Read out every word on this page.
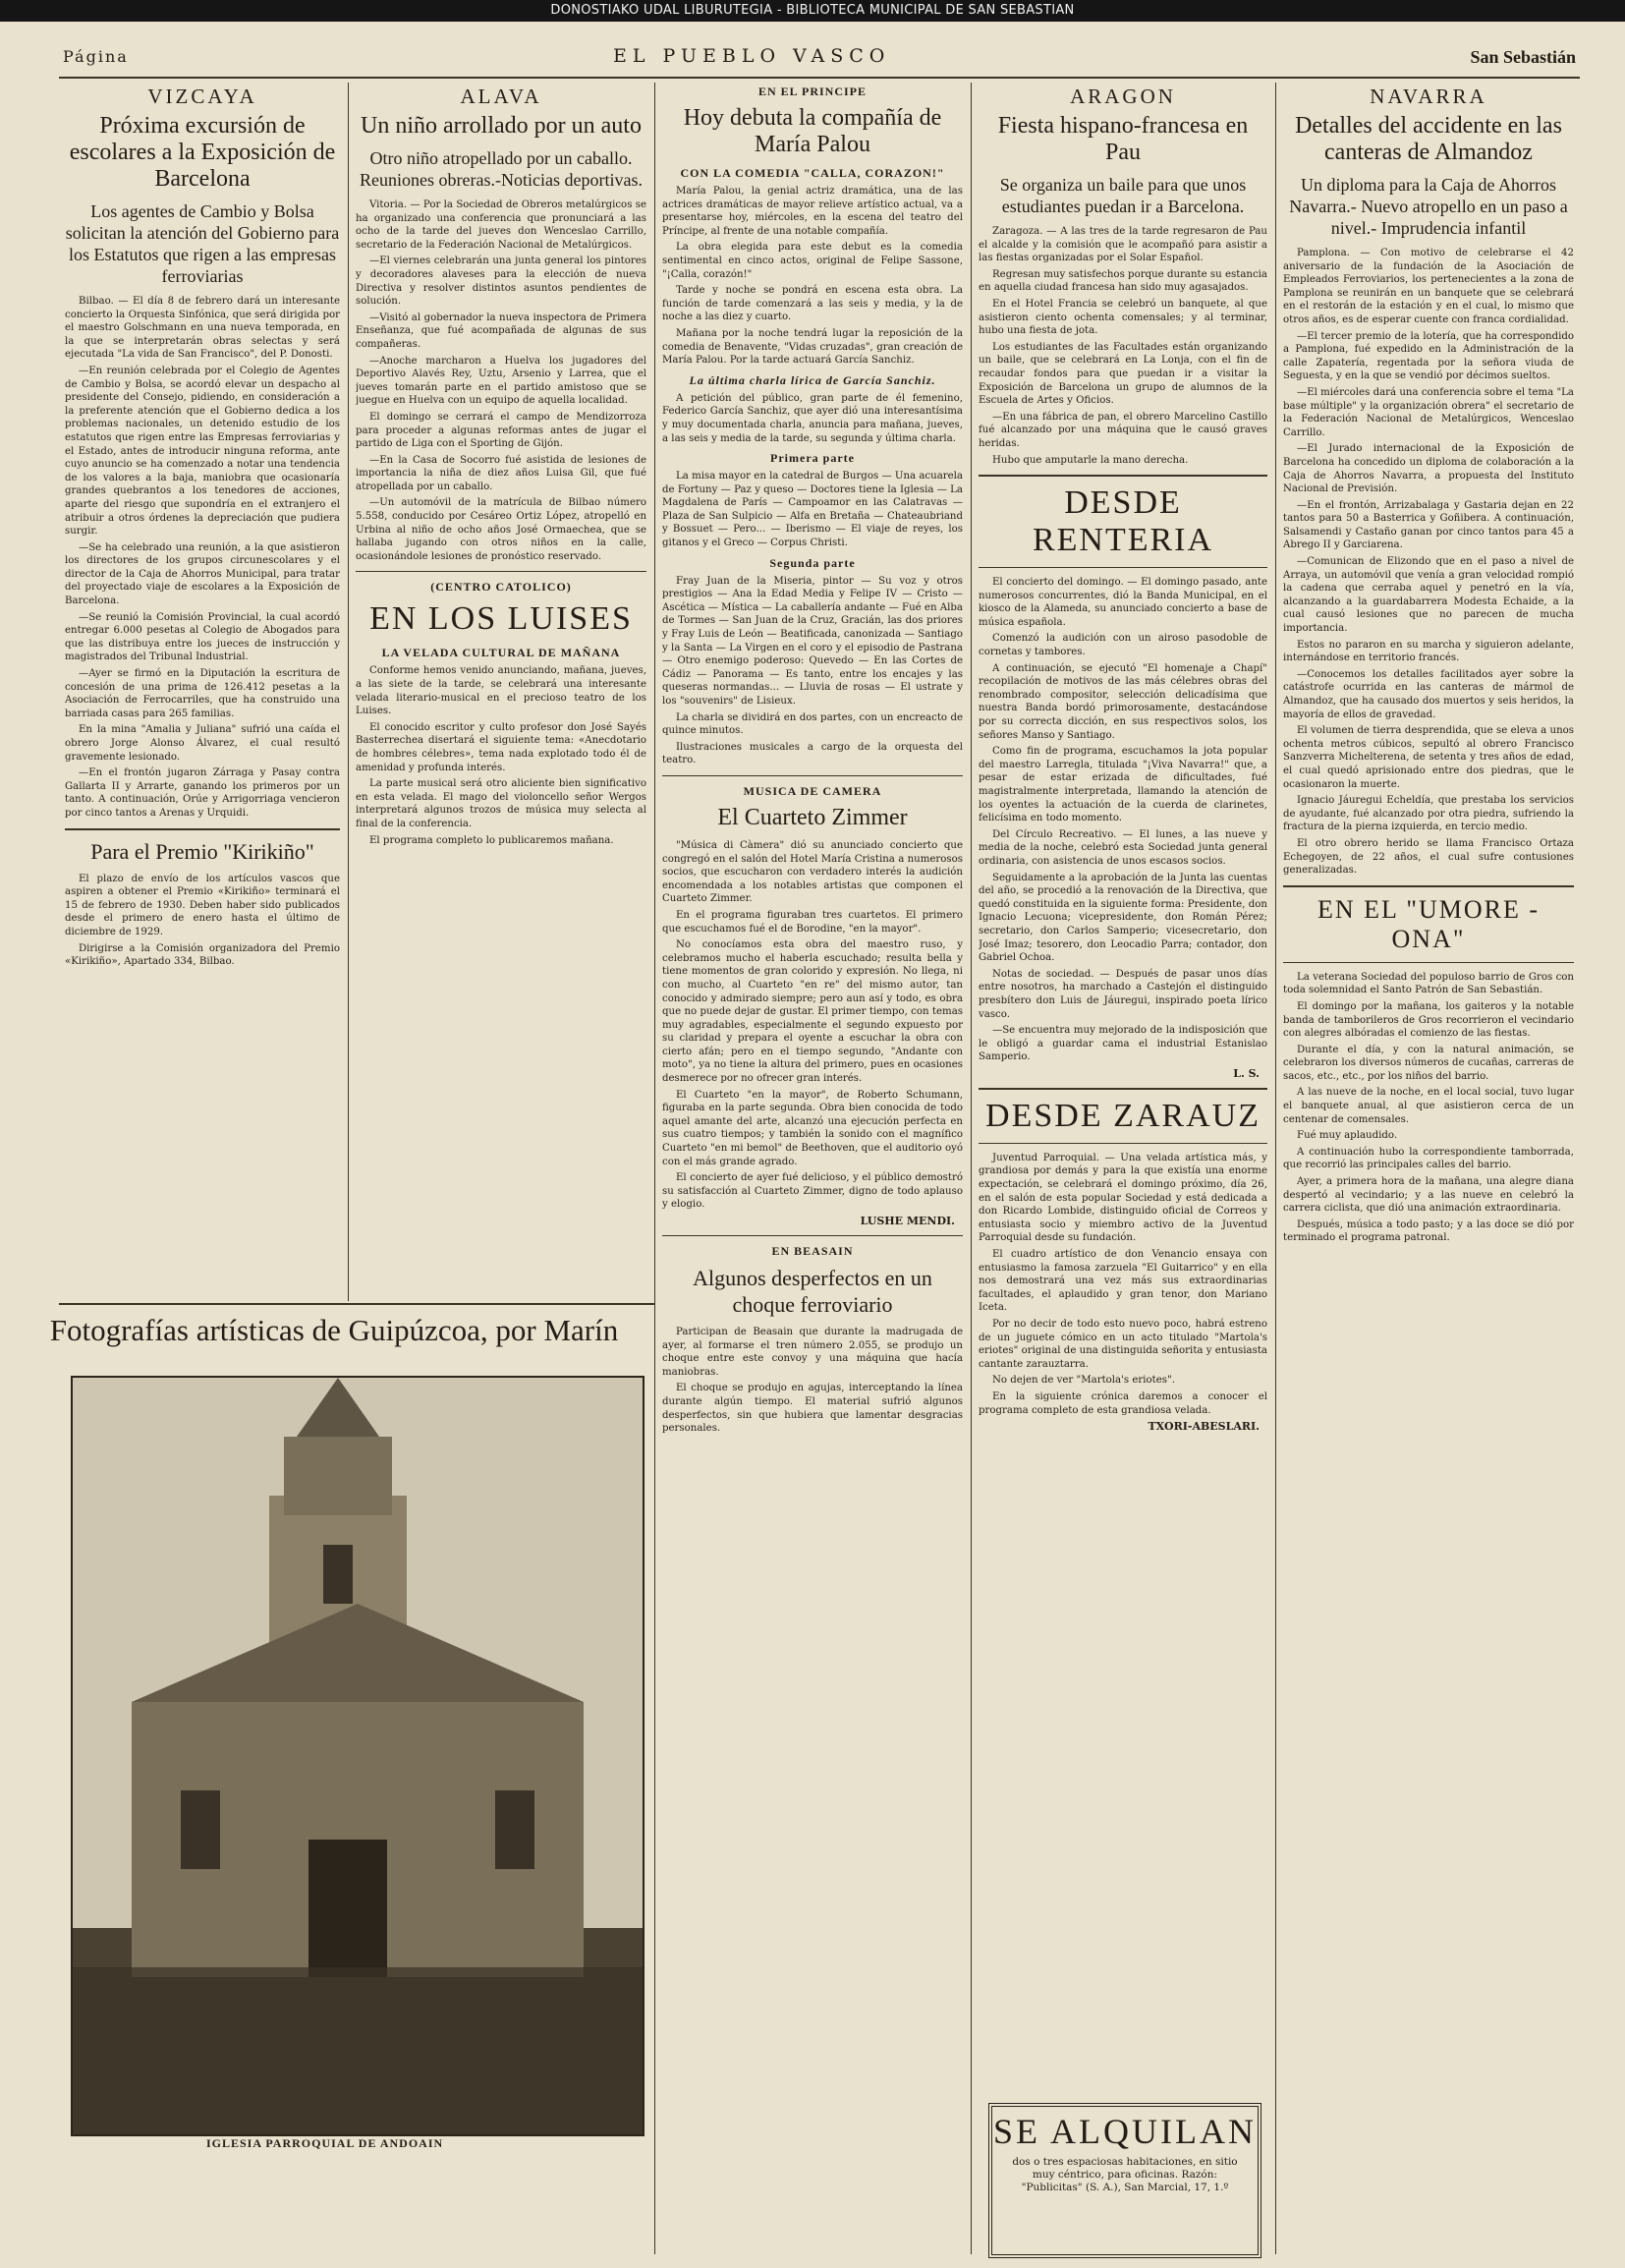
DONOSTIAKO UDAL LIBURUTEGIA - BIBLIOTECA MUNICIPAL DE SAN SEBASTIAN
Página	EL PUEBLO VASCO	San Sebastián
VIZCAYA
Próxima excursión de escolares a la Exposición de Barcelona
Los agentes de Cambio y Bolsa solicitan la atención del Gobierno para los Estatutos que rigen a las empresas ferroviarias

Bilbao. — El día 8 de febrero dará un interesante concierto la Orquesta Sinfónica, que será dirigida por el maestro Golschmann en una nueva temporada, en la que se interpretarán obras selectas y será ejecutada "La vida de San Francisco", del P. Donosti.

—En reunión celebrada por el Colegio de Agentes de Cambio y Bolsa, se acordó elevar un despacho al presidente del Consejo, pidiendo, en consideración a la preferente atención que el Gobierno dedica a los problemas nacionales, un detenido estudio de los estatutos que rigen entre las Empresas ferroviarias y el Estado, antes de introducir ninguna reforma, ante cuyo anuncio se ha comenzado a notar una tendencia de los valores a la baja, maniobra que ocasionaría grandes quebrantos a los tenedores de acciones, aparte del riesgo que supondría en el extranjero el atribuir a otros órdenes la depreciación que pudiera surgir.

—Se ha celebrado una reunión, a la que asistieron los directores de los grupos circunescolares y el director de la Caja de Ahorros Municipal, para tratar del proyectado viaje de escolares a la Exposición de Barcelona.

—Se reunió la Comisión Provincial, la cual acordó entregar 6.000 pesetas al Colegio de Abogados para que las distribuya entre los jueces de instrucción y magistrados del Tribunal Industrial.

—Ayer se firmó en la Diputación la escritura de concesión de una prima de 126.412 pesetas a la Asociación de Ferrocarriles, que ha construido una barriada casas para 265 familias.

En la mina "Amalia y Juliana" sufrió una caída el obrero Jorge Alonso Álvarez, el cual resultó gravemente lesionado.

—En el frontón jugaron Zárraga y Pasay contra Gallarta II y Arrarte, ganando los primeros por un tanto. A continuación, Orúe y Arrigorriaga vencieron por cinco tantos a Arenas y Urquidi.

Para el Premio "Kirikiño"

El plazo de envío de los artículos vascos que aspiren a obtener el Premio «Kirikiño» terminará el 15 de febrero de 1930. Deben haber sido publicados desde el primero de enero hasta el último de diciembre de 1929.

Dirigirse a la Comisión organizadora del Premio «Kirikiño», Apartado 334, Bilbao.

ALAVA
Un niño arrollado por un auto
Otro niño atropellado por un caballo. Reuniones obreras.-Noticias deportivas.

Vitoria. — Por la Sociedad de Obreros metalúrgicos se ha organizado una conferencia que pronunciará a las ocho de la tarde del jueves don Wenceslao Carrillo, secretario de la Federación Nacional de Metalúrgicos.

—El viernes celebrarán una junta general los pintores y decoradores alaveses para la elección de nueva Directiva y resolver distintos asuntos pendientes de solución.

—Visitó al gobernador la nueva inspectora de Primera Enseñanza, que fué acompañada de algunas de sus compañeras.

—Anoche marcharon a Huelva los jugadores del Deportivo Alavés Rey, Uztu, Arsenio y Larrea, que el jueves tomarán parte en el partido amistoso que se juegue en Huelva con un equipo de aquella localidad.

El domingo se cerrará el campo de Mendizorroza para proceder a algunas reformas antes de jugar el partido de Liga con el Sporting de Gijón.

—En la Casa de Socorro fué asistida de lesiones de importancia la niña de diez años Luisa Gil, que fué atropellada por un caballo.

—Un automóvil de la matrícula de Bilbao número 5.558, conducido por Cesáreo Ortiz López, atropelló en Urbina al niño de ocho años José Ormaechea, que se hallaba jugando con otros niños en la calle, ocasionándole lesiones de pronóstico reservado.

(CENTRO CATOLICO)
EN LOS LUISES
LA VELADA CULTURAL DE MAÑANA

Conforme hemos venido anunciando, mañana, jueves, a las siete de la tarde, se celebrará una interesante velada literario-musical en el precioso teatro de los Luises.

El conocido escritor y culto profesor don José Sayés Basterrechea disertará el siguiente tema: «Anecdotario de hombres célebres», tema nada explotado todo él de amenidad y profunda interés.

La parte musical será otro aliciente bien significativo en esta velada. El mago del violoncello señor Wergos interpretará algunos trozos de música muy selecta al final de la conferencia.

El programa completo lo publicaremos mañana.

Fotografías artísticas de Guipúzcoa, por Marín
IGLESIA PARROQUIAL DE ANDOAIN
EN EL PRINCIPE
Hoy debuta la compañía de María Palou
CON LA COMEDIA "CALLA, CORAZON!"

María Palou, la genial actriz dramática, una de las actrices dramáticas de mayor relieve artístico actual, va a presentarse hoy, miércoles, en la escena del teatro del Príncipe, al frente de una notable compañía.

La obra elegida para este debut es la comedia sentimental en cinco actos, original de Felipe Sassone, "¡Calla, corazón!"

Tarde y noche se pondrá en escena esta obra. La función de tarde comenzará a las seis y media, y la de noche a las diez y cuarto.

Mañana por la noche tendrá lugar la reposición de la comedia de Benavente, "Vidas cruzadas", gran creación de María Palou. Por la tarde actuará García Sanchiz.

La última charla lírica de García Sanchiz.

A petición del público, gran parte de él femenino, Federico García Sanchiz, que ayer dió una interesantísima y muy documentada charla, anuncia para mañana, jueves, a las seis y media de la tarde, su segunda y última charla.

Primera parte

La misa mayor en la catedral de Burgos — Una acuarela de Fortuny — Paz y queso — Doctores tiene la Iglesia — La Magdalena de París — Campoamor en las Calatravas — Plaza de San Sulpicio — Alfa en Bretaña — Chateaubriand y Bossuet — Pero... — Iberismo — El viaje de reyes, los gitanos y el Greco — Corpus Christi.

Segunda parte

Fray Juan de la Miseria, pintor — Su voz y otros prestigios — Ana la Edad Media y Felipe IV — Cristo — Ascética — Mística — La caballería andante — Fué en Alba de Tormes — San Juan de la Cruz, Gracián, las dos priores y Fray Luis de León — Beatificada, canonizada — Santiago y la Santa — La Virgen en el coro y el episodio de Pastrana — Otro enemigo poderoso: Quevedo — En las Cortes de Cádiz — Panorama — Es tanto, entre los encajes y las queseras normandas... — Lluvia de rosas — El ustrate y los "souvenirs" de Lisieux.

La charla se dividirá en dos partes, con un encreacto de quince minutos.

Ilustraciones musicales a cargo de la orquesta del teatro.

MUSICA DE CAMERA
El Cuarteto Zimmer

"Música di Càmera" dió su anunciado concierto que congregó en el salón del Hotel María Cristina a numerosos socios, que escucharon con verdadero interés la audición encomendada a los notables artistas que componen el Cuarteto Zimmer.

En el programa figuraban tres cuartetos. El primero que escuchamos fué el de Borodine, "en la mayor".

No conocíamos esta obra del maestro ruso, y celebramos mucho el haberla escuchado; resulta bella y tiene momentos de gran colorido y expresión. No llega, ni con mucho, al Cuarteto "en re" del mismo autor, tan conocido y admirado siempre; pero aun así y todo, es obra que no puede dejar de gustar. El primer tiempo, con temas muy agradables, especialmente el segundo expuesto por su claridad y prepara el oyente a escuchar la obra con cierto afán; pero en el tiempo segundo, "Andante con moto", ya no tiene la altura del primero, pues en ocasiones desmerece por no ofrecer gran interés.

El Cuarteto "en la mayor", de Roberto Schumann, figuraba en la parte segunda. Obra bien conocida de todo aquel amante del arte, alcanzó una ejecución perfecta en sus cuatro tiempos; y también la sonido con el magnífico Cuarteto "en mi bemol" de Beethoven, que el auditorio oyó con el más grande agrado.

El concierto de ayer fué delicioso, y el público demostró su satisfacción al Cuarteto Zimmer, digno de todo aplauso y elogio.

LUSHE MENDI.
EN BEASAIN
Algunos desperfectos en un choque ferroviario

Participan de Beasain que durante la madrugada de ayer, al formarse el tren número 2.055, se produjo un choque entre este convoy y una máquina que hacía maniobras.

El choque se produjo en agujas, interceptando la línea durante algún tiempo. El material sufrió algunos desperfectos, sin que hubiera que lamentar desgracias personales.

ARAGON
Fiesta hispano-francesa en Pau
Se organiza un baile para que unos estudiantes puedan ir a Barcelona.

Zaragoza. — A las tres de la tarde regresaron de Pau el alcalde y la comisión que le acompañó para asistir a las fiestas organizadas por el Solar Español.

Regresan muy satisfechos porque durante su estancia en aquella ciudad francesa han sido muy agasajados.

En el Hotel Francia se celebró un banquete, al que asistieron ciento ochenta comensales; y al terminar, hubo una fiesta de jota.

Los estudiantes de las Facultades están organizando un baile, que se celebrará en La Lonja, con el fin de recaudar fondos para que puedan ir a visitar la Exposición de Barcelona un grupo de alumnos de la Escuela de Artes y Oficios.

—En una fábrica de pan, el obrero Marcelino Castillo fué alcanzado por una máquina que le causó graves heridas.

Hubo que amputarle la mano derecha.

DESDE RENTERIA

El concierto del domingo. — El domingo pasado, ante numerosos concurrentes, dió la Banda Municipal, en el kiosco de la Alameda, su anunciado concierto a base de música española.

Comenzó la audición con un airoso pasodoble de cornetas y tambores.

A continuación, se ejecutó "El homenaje a Chapí" recopilación de motivos de las más célebres obras del renombrado compositor, selección delicadísima que nuestra Banda bordó primorosamente, destacándose por su correcta dicción, en sus respectivos solos, los señores Manso y Santiago.

Como fin de programa, escuchamos la jota popular del maestro Larregla, titulada "¡Viva Navarra!" que, a pesar de estar erizada de dificultades, fué magistralmente interpretada, llamando la atención de los oyentes la actuación de la cuerda de clarinetes, felicísima en todo momento.

Del Círculo Recreativo. — El lunes, a las nueve y media de la noche, celebró esta Sociedad junta general ordinaria, con asistencia de unos escasos socios.

Seguidamente a la aprobación de la Junta las cuentas del año, se procedió a la renovación de la Directiva, que quedó constituida en la siguiente forma: Presidente, don Ignacio Lecuona; vicepresidente, don Román Pérez; secretario, don Carlos Samperio; vicesecretario, don José Imaz; tesorero, don Leocadio Parra; contador, don Gabriel Ochoa.

Notas de sociedad. — Después de pasar unos días entre nosotros, ha marchado a Castejón el distinguido presbítero don Luis de Jáuregui, inspirado poeta lírico vasco.

—Se encuentra muy mejorado de la indisposición que le obligó a guardar cama el industrial Estanislao Samperio.

L. S.
DESDE ZARAUZ

Juventud Parroquial. — Una velada artística más, y grandiosa por demás y para la que existía una enorme expectación, se celebrará el domingo próximo, día 26, en el salón de esta popular Sociedad y está dedicada a don Ricardo Lombide, distinguido oficial de Correos y entusiasta socio y miembro activo de la Juventud Parroquial desde su fundación.

El cuadro artístico de don Venancio ensaya con entusiasmo la famosa zarzuela "El Guitarrico" y en ella nos demostrará una vez más sus extraordinarias facultades, el aplaudido y gran tenor, don Mariano Iceta.

Por no decir de todo esto nuevo poco, habrá estreno de un juguete cómico en un acto titulado "Martola's eriotes" original de una distinguida señorita y entusiasta cantante zarauztarra.

No dejen de ver "Martola's eriotes".

En la siguiente crónica daremos a conocer el programa completo de esta grandiosa velada.

TXORI-ABESLARI.
SE ALQUILAN

dos o tres espaciosas habitaciones, en sitio muy céntrico, para oficinas. Razón: "Publicitas" (S. A.), San Marcial, 17, 1.º

NAVARRA
Detalles del accidente en las canteras de Almandoz
Un diploma para la Caja de Ahorros Navarra.- Nuevo atropello en un paso a nivel.- Imprudencia infantil

Pamplona. — Con motivo de celebrarse el 42 aniversario de la fundación de la Asociación de Empleados Ferroviarios, los pertenecientes a la zona de Pamplona se reunirán en un banquete que se celebrará en el restorán de la estación y en el cual, lo mismo que otros años, es de esperar cuente con franca cordialidad.

—El tercer premio de la lotería, que ha correspondido a Pamplona, fué expedido en la Administración de la calle Zapatería, regentada por la señora viuda de Seguesta, y en la que se vendió por décimos sueltos.

—El miércoles dará una conferencia sobre el tema "La base múltiple" y la organización obrera" el secretario de la Federación Nacional de Metalúrgicos, Wenceslao Carrillo.

—El Jurado internacional de la Exposición de Barcelona ha concedido un diploma de colaboración a la Caja de Ahorros Navarra, a propuesta del Instituto Nacional de Previsión.

—En el frontón, Arrizabalaga y Gastaria dejan en 22 tantos para 50 a Basterrica y Goñibera. A continuación, Salsamendi y Castaño ganan por cinco tantos para 45 a Abrego II y Garciarena.

—Comunican de Elizondo que en el paso a nivel de Arraya, un automóvil que venía a gran velocidad rompió la cadena que cerraba aquel y penetró en la vía, alcanzando a la guardabarrera Modesta Echaide, a la cual causó lesiones que no parecen de mucha importancia.

Estos no pararon en su marcha y siguieron adelante, internándose en territorio francés.

—Conocemos los detalles facilitados ayer sobre la catástrofe ocurrida en las canteras de mármol de Almandoz, que ha causado dos muertos y seis heridos, la mayoría de ellos de gravedad.

El volumen de tierra desprendida, que se eleva a unos ochenta metros cúbicos, sepultó al obrero Francisco Sanzverra Michelterena, de setenta y tres años de edad, el cual quedó aprisionado entre dos piedras, que le ocasionaron la muerte.

Ignacio Jáuregui Echeldía, que prestaba los servicios de ayudante, fué alcanzado por otra piedra, sufriendo la fractura de la pierna izquierda, en tercio medio.

El otro obrero herido se llama Francisco Ortaza Echegoyen, de 22 años, el cual sufre contusiones generalizadas.

EN EL "UMORE - ONA"

La veterana Sociedad del populoso barrio de Gros con toda solemnidad el Santo Patrón de San Sebastián.

El domingo por la mañana, los gaiteros y la notable banda de tamborileros de Gros recorrieron el vecindario con alegres albóradas el comienzo de las fiestas.

Durante el día, y con la natural animación, se celebraron los diversos números de cucañas, carreras de sacos, etc., etc., por los niños del barrio.

A las nueve de la noche, en el local social, tuvo lugar el banquete anual, al que asistieron cerca de un centenar de comensales.

Fué muy aplaudido.

A continuación hubo la correspondiente tamborrada, que recorrió las principales calles del barrio.

Ayer, a primera hora de la mañana, una alegre diana despertó al vecindario; y a las nueve en celebró la carrera ciclista, que dió una animación extraordinaria.

Después, música a todo pasto; y a las doce se dió por terminado el programa patronal.
